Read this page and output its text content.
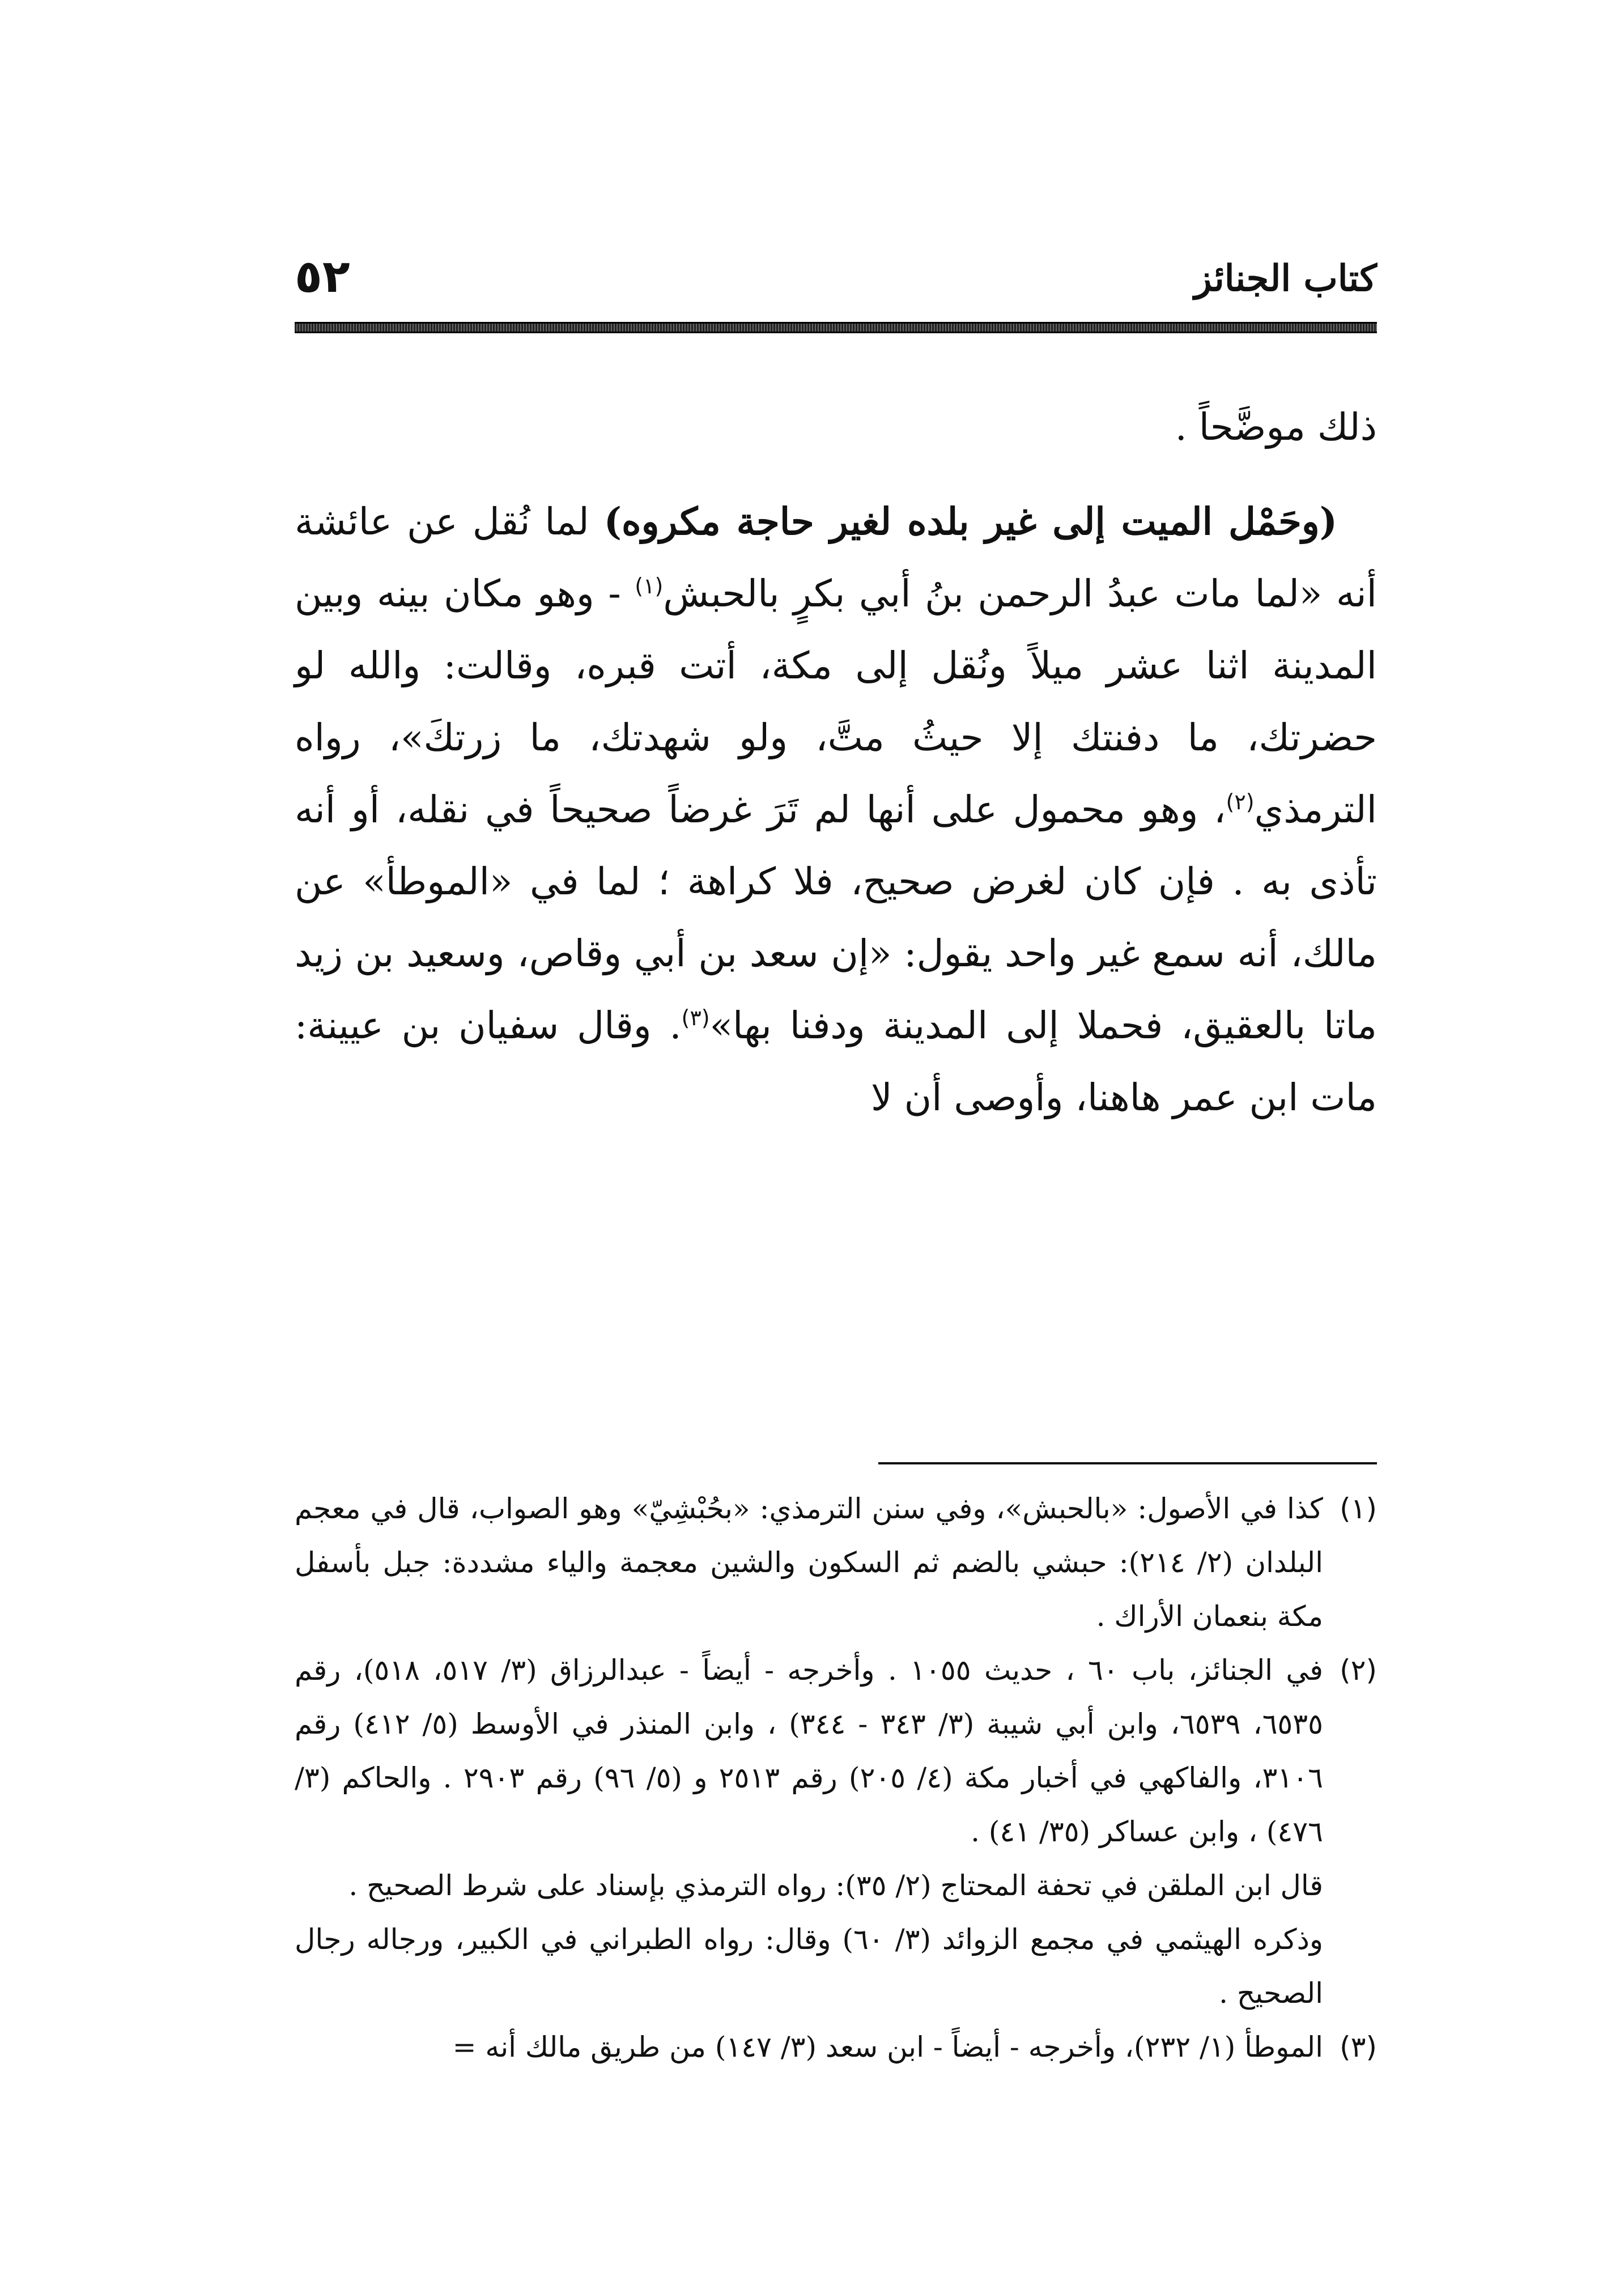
كتاب الجنائز
٥٢

ذلك موضَّحاً .

(وحَمْل الميت إلى غير بلده لغير حاجة مكروه) لما نُقل عن عائشة أنه «لما مات عبدُ الرحمن بنُ أبي بكرٍ بالحبش$^{(١)}$ - وهو مكان بينه وبين المدينة اثنا عشر ميلاً ونُقل إلى مكة، أتت قبره، وقالت: والله لو حضرتك، ما دفنتك إلا حيثُ متَّ، ولو شهدتك، ما زرتكَ»، رواه الترمذي$^{(٢)}$، وهو محمول على أنها لم تَرَ غرضاً صحيحاً في نقله، أو أنه تأذى به . فإن كان لغرض صحيح، فلا كراهة ؛ لما في «الموطأ» عن مالك، أنه سمع غير واحد يقول: «إن سعد بن أبي وقاص، وسعيد بن زيد ماتا بالعقيق، فحملا إلى المدينة ودفنا بها»$^{(٣)}$. وقال سفيان بن عيينة: مات ابن عمر هاهنا، وأوصى أن لا

(١)
كذا في الأصول: «بالحبش»، وفي سنن الترمذي: «بحُبْشِيّ» وهو الصواب، قال في معجم البلدان (٢/ ٢١٤): حبشي بالضم ثم السكون والشين معجمة والياء مشددة: جبل بأسفل مكة بنعمان الأراك .

(٢)
في الجنائز، باب ٦٠ ، حديث ١٠٥٥ . وأخرجه - أيضاً - عبدالرزاق (٣/ ٥١٧، ٥١٨)، رقم ٦٥٣٥، ٦٥٣٩، وابن أبي شيبة (٣/ ٣٤٣ - ٣٤٤) ، وابن المنذر في الأوسط (٥/ ٤١٢) رقم ٣١٠٦، والفاكهي في أخبار مكة (٤/ ٢٠٥) رقم ٢٥١٣ و (٥/ ٩٦) رقم ٢٩٠٣ . والحاكم (٣/ ٤٧٦) ، وابن عساكر (٣٥/ ٤١) .

قال ابن الملقن في تحفة المحتاج (٢/ ٣٥): رواه الترمذي بإسناد على شرط الصحيح .

وذكره الهيثمي في مجمع الزوائد (٣/ ٦٠) وقال: رواه الطبراني في الكبير، ورجاله رجال الصحيح .

(٣)
الموطأ (١/ ٢٣٢)، وأخرجه - أيضاً - ابن سعد (٣/ ١٤٧) من طريق مالك أنه =
